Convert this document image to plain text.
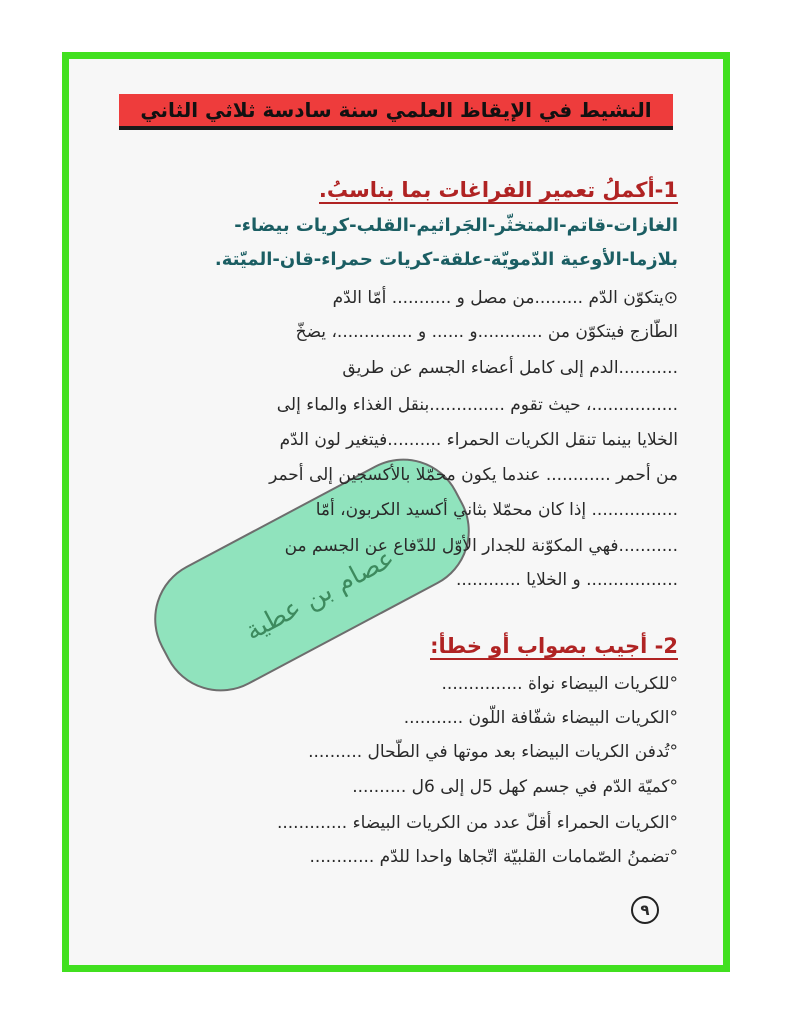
النشيط في الإيقاظ العلمي سنة سادسة ثلاثي الثاني
عصام بن عطية
1-أكملُ تعمير الفراغات بما يناسبُ.
الغازات-قاتم-المتخثّر-الجَراثيم-القلب-كريات بيضاء-
بلازما-الأوعية الدّمويّة-علقة-كريات حمراء-قان-الميّتة.
⊙يتكوّن الدّم .........من مصل و ........... أمّا الدّم
الطّازج فيتكوّن من ............و ...... و ..............، يضخّ
...........الدم إلى كامل أعضاء الجسم عن طريق
................، حيث تقوم ..............بنقل الغذاء والماء إلى
الخلايا بينما تنقل الكريات الحمراء ..........فيتغير لون الدّم
من أحمر ............ عندما يكون محمّلا بالأكسجين إلى أحمر
................ إذا كان محمّلا بثاني أكسيد الكربون، أمّا
...........فهي المكوّنة للجدار الأوّل للدّفاع عن الجسم من
................. و الخلايا ............
2- أجيب بصواب أو خطأ:
°للكريات البيضاء نواة ...............
°الكريات البيضاء شفّافة اللّون ...........
°تُدفن الكريات البيضاء بعد موتها في الطّحال ..........
°كميّة الدّم في جسم كهل 5ل إلى 6ل ..........
°الكريات الحمراء أقلّ عدد من الكريات البيضاء .............
°تضمنُ الصّمامات القلبيّة اتّجاها واحدا للدّم ............
٩
